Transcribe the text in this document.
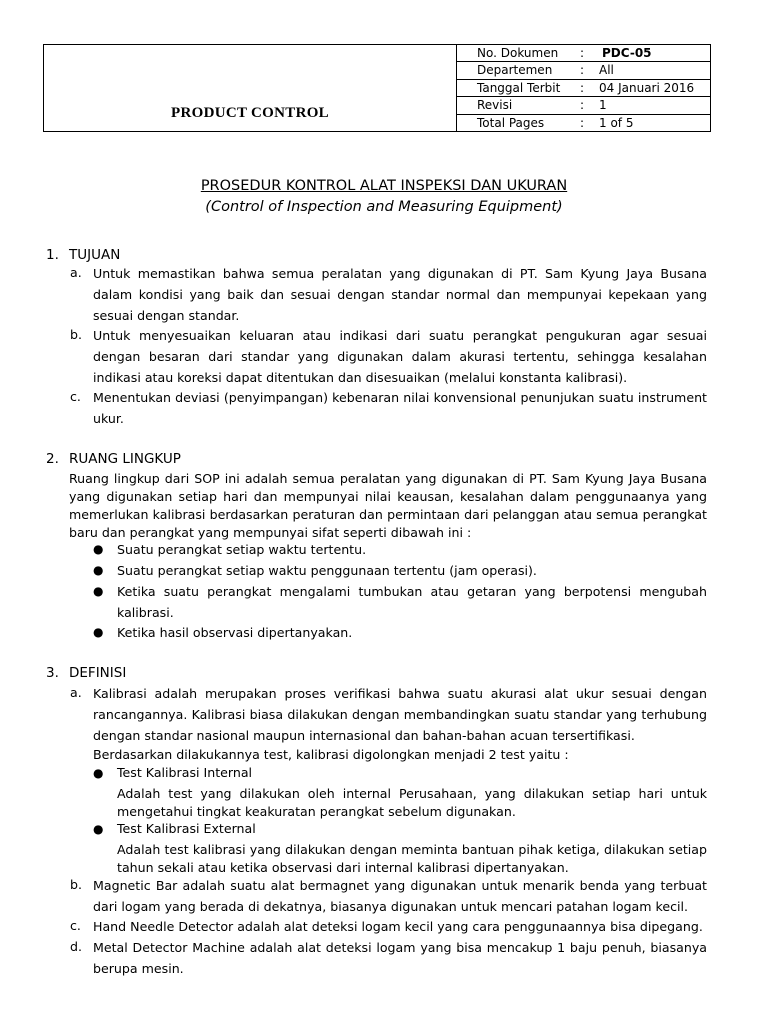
PRODUCT CONTROL
No. Dokumen : PDC-05
Departemen : All
Tanggal Terbit : 04 Januari 2016
Revisi	: 1
Total Pages	: 1 of 5
PROSEDUR KONTROL ALAT INSPEKSI DAN UKURAN
(Control of Inspection and Measuring Equipment)
1. TUJUAN
a. Untuk memastikan bahwa semua peralatan yang digunakan di PT. Sam Kyung Jaya Busana dalam kondisi yang baik dan sesuai dengan standar normal dan mempunyai kepekaan yang sesuai dengan standar.
b. Untuk menyesuaikan keluaran atau indikasi dari suatu perangkat pengukuran agar sesuai dengan besaran dari standar yang digunakan dalam akurasi tertentu, sehingga kesalahan indikasi atau koreksi dapat ditentukan dan disesuaikan (melalui konstanta kalibrasi).
c. Menentukan deviasi (penyimpangan) kebenaran nilai konvensional penunjukan suatu instrument ukur.
2. RUANG LINGKUP
Ruang lingkup dari SOP ini adalah semua peralatan yang digunakan di PT. Sam Kyung Jaya Busana yang digunakan setiap hari dan mempunyai nilai keausan, kesalahan dalam penggunaanya yang memerlukan kalibrasi berdasarkan peraturan dan permintaan dari pelanggan atau semua perangkat baru dan perangkat yang mempunyai sifat seperti dibawah ini :
● Suatu perangkat setiap waktu tertentu.
● Suatu perangkat setiap waktu penggunaan tertentu (jam operasi).
● Ketika suatu perangkat mengalami tumbukan atau getaran yang berpotensi mengubah kalibrasi.
● Ketika hasil observasi dipertanyakan.
3. DEFINISI
a. Kalibrasi adalah merupakan proses verifikasi bahwa suatu akurasi alat ukur sesuai dengan rancangannya. Kalibrasi biasa dilakukan dengan membandingkan suatu standar yang terhubung dengan standar nasional maupun internasional dan bahan-bahan acuan tersertifikasi.
Berdasarkan dilakukannya test, kalibrasi digolongkan menjadi 2 test yaitu :
● Test Kalibrasi Internal
Adalah test yang dilakukan oleh internal Perusahaan, yang dilakukan setiap hari untuk mengetahui tingkat keakuratan perangkat sebelum digunakan.
● Test Kalibrasi External
Adalah test kalibrasi yang dilakukan dengan meminta bantuan pihak ketiga, dilakukan setiap tahun sekali atau ketika observasi dari internal kalibrasi dipertanyakan.
b. Magnetic Bar adalah suatu alat bermagnet yang digunakan untuk menarik benda yang terbuat dari logam yang berada di dekatnya, biasanya digunakan untuk mencari patahan logam kecil.
c. Hand Needle Detector adalah alat deteksi logam kecil yang cara penggunaannya bisa dipegang.
d. Metal Detector Machine adalah alat deteksi logam yang bisa mencakup 1 baju penuh, biasanya berupa mesin.
